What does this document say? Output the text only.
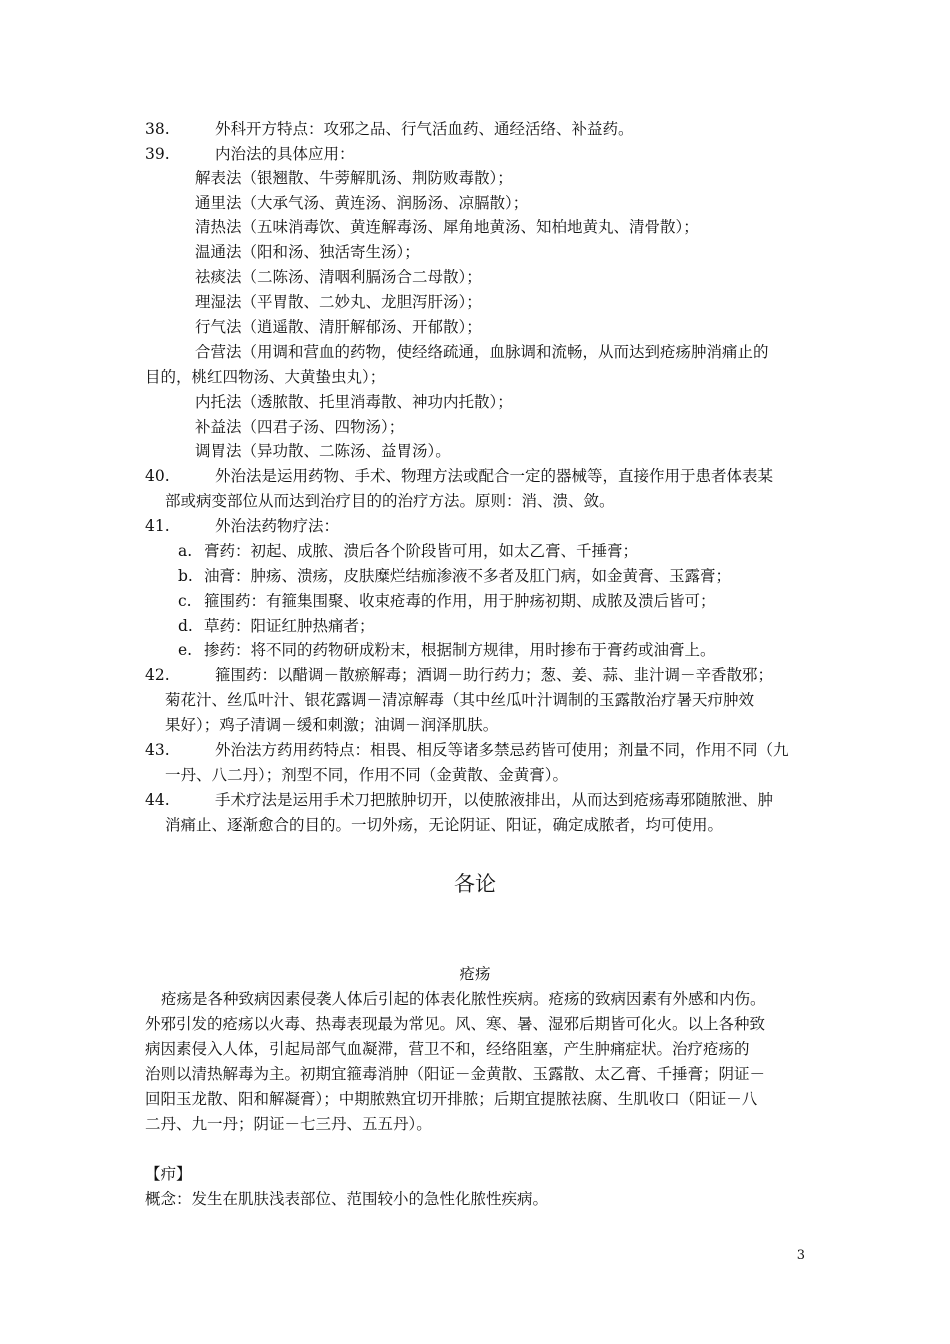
38.	外科开方特点：攻邪之品、行气活血药、通经活络、补益药。
39.	内治法的具体应用：
解表法（银翘散、牛蒡解肌汤、荆防败毒散）；
通里法（大承气汤、黄连汤、润肠汤、凉膈散）；
清热法（五味消毒饮、黄连解毒汤、犀角地黄汤、知柏地黄丸、清骨散）；
温通法（阳和汤、独活寄生汤）；
祛痰法（二陈汤、清咽利膈汤合二母散）；
理湿法（平胃散、二妙丸、龙胆泻肝汤）；
行气法（逍遥散、清肝解郁汤、开郁散）；
合营法（用调和营血的药物，使经络疏通，血脉调和流畅，从而达到疮疡肿消痛止的
目的，桃红四物汤、大黄蛰虫丸）；
内托法（透脓散、托里消毒散、神功内托散）；
补益法（四君子汤、四物汤）；
调胃法（异功散、二陈汤、益胃汤）。
40.	外治法是运用药物、手术、物理方法或配合一定的器械等，直接作用于患者体表某
部或病变部位从而达到治疗目的的治疗方法。原则：消、溃、敛。
41.	外治法药物疗法：
a. 膏药：初起、成脓、溃后各个阶段皆可用，如太乙膏、千捶膏；
b. 油膏：肿疡、溃疡，皮肤糜烂结痂渗液不多者及肛门病，如金黄膏、玉露膏；
c. 箍围药：有箍集围聚、收束疮毒的作用，用于肿疡初期、成脓及溃后皆可；
d. 草药：阳证红肿热痛者；
e. 掺药：将不同的药物研成粉末，根据制方规律，用时掺布于膏药或油膏上。
42.	箍围药：以醋调－散瘀解毒；酒调－助行药力；葱、姜、蒜、韭汁调－辛香散邪；
菊花汁、丝瓜叶汁、银花露调－清凉解毒（其中丝瓜叶汁调制的玉露散治疗暑天疖肿效
果好）；鸡子清调－缓和刺激；油调－润泽肌肤。
43.	外治法方药用药特点：相畏、相反等诸多禁忌药皆可使用；剂量不同，作用不同（九
一丹、八二丹）；剂型不同，作用不同（金黄散、金黄膏）。
44.	手术疗法是运用手术刀把脓肿切开，以使脓液排出，从而达到疮疡毒邪随脓泄、肿
消痛止、逐渐愈合的目的。一切外疡，无论阴证、阳证，确定成脓者，均可使用。
各论
疮疡
疮疡是各种致病因素侵袭人体后引起的体表化脓性疾病。疮疡的致病因素有外感和内伤。
外邪引发的疮疡以火毒、热毒表现最为常见。风、寒、暑、湿邪后期皆可化火。以上各种致
病因素侵入人体，引起局部气血凝滞，营卫不和，经络阻塞，产生肿痛症状。治疗疮疡的
治则以清热解毒为主。初期宜箍毒消肿（阳证－金黄散、玉露散、太乙膏、千捶膏；阴证－
回阳玉龙散、阳和解凝膏）；中期脓熟宜切开排脓；后期宜提脓祛腐、生肌收口（阳证－八
二丹、九一丹；阴证－七三丹、五五丹）。
【疖】
概念：发生在肌肤浅表部位、范围较小的急性化脓性疾病。
3
